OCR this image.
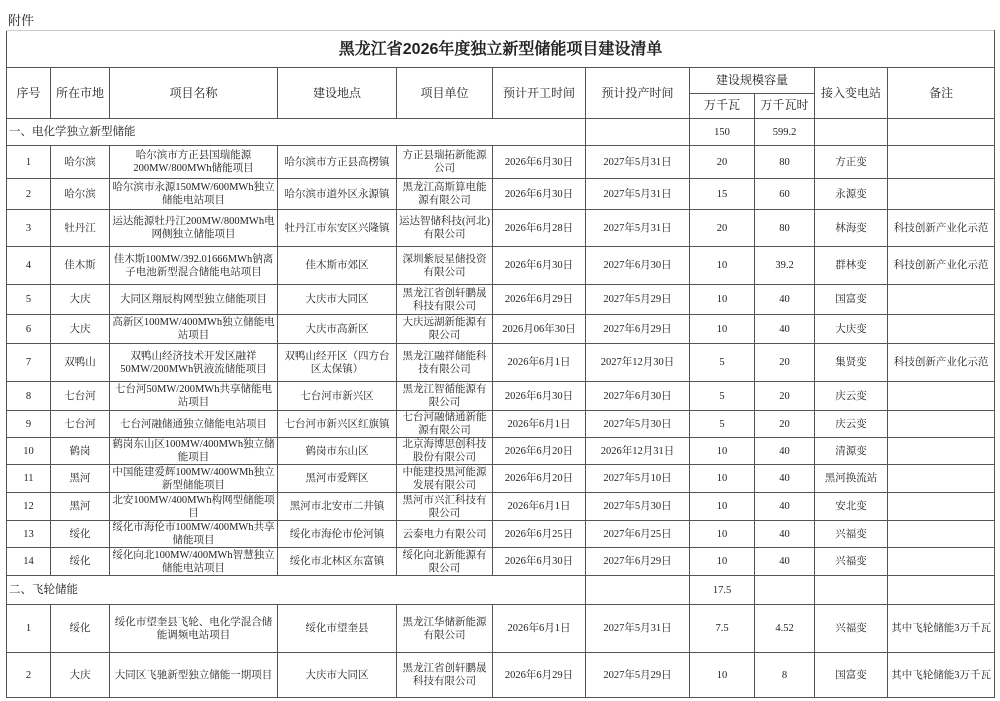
附件
黑龙江省2026年度独立新型储能项目建设清单										
序号	所在市地	项目名称	建设地点	项目单位	预计开工时间	预计投产时间	建设规模容量		接入变电站	备注
							万千瓦	万千瓦时		
一、电化学独立新型储能							150	599.2		
1	哈尔滨	哈尔滨市方正县国瑞能源200MW/800MWh储能项目	哈尔滨市方正县高楞镇	方正县瑞拓新能源公司	2026年6月30日	2027年5月31日	20	80	方正变	
2	哈尔滨	哈尔滨市永源150MW/600MWh独立储能电站项目	哈尔滨市道外区永源镇	黑龙江高斯算电能源有限公司	2026年6月30日	2027年5月31日	15	60	永源变	
3	牡丹江	运达能源牡丹江200MW/800MWh电网侧独立储能项目	牡丹江市东安区兴隆镇	运达智储科技(河北)有限公司	2026年6月28日	2027年5月31日	20	80	林海变	科技创新产业化示范
4	佳木斯	佳木斯100MW/392.01666MWh钠离子电池新型混合储能电站项目	佳木斯市郊区	深圳紫辰星储投资有限公司	2026年6月30日	2027年6月30日	10	39.2	群林变	科技创新产业化示范
5	大庆	大同区翔辰构网型独立储能项目	大庆市大同区	黑龙江省创轩鹏晟科技有限公司	2026年6月29日	2027年5月29日	10	40	国富变	
6	大庆	高新区100MW/400MWh独立储能电站项目	大庆市高新区	大庆远湖新能源有限公司	2026月06年30日	2027年6月29日	10	40	大庆变	
7	双鸭山	双鸭山经济技术开发区融祥50MW/200MWh钒液流储能项目	双鸭山经开区（四方台区太保镇）	黑龙江融祥储能科技有限公司	2026年6月1日	2027年12月30日	5	20	集贤变	科技创新产业化示范
8	七台河	七台河50MW/200MWh共享储能电站项目	七台河市新兴区	黑龙江智循能源有限公司	2026年6月30日	2027年6月30日	5	20	庆云变	
9	七台河	七台河融储通独立储能电站项目	七台河市新兴区红旗镇	七台河融储通新能源有限公司	2026年6月1日	2027年5月30日	5	20	庆云变	
10	鹤岗	鹤岗东山区100MW/400MWh独立储能项目	鹤岗市东山区	北京海博思创科技股份有限公司	2026年6月20日	2026年12月31日	10	40	清源变	
11	黑河	中国能建爱辉100MW/400WMh独立新型储能项目	黑河市爱辉区	中能建投黑河能源发展有限公司	2026年6月20日	2027年5月10日	10	40	黑河换流站	
12	黑河	北安100MW/400MWh构网型储能项目	黑河市北安市二井镇	黑河市兴汇科技有限公司	2026年6月1日	2027年5月30日	10	40	安北变	
13	绥化	绥化市海伦市100MW/400MWh共享储能项目	绥化市海伦市伦河镇	云泰电力有限公司	2026年6月25日	2027年6月25日	10	40	兴福变	
14	绥化	绥化向北100MW/400MWh智慧独立储能电站项目	绥化市北林区东富镇	绥化向北新能源有限公司	2026年6月30日	2027年6月29日	10	40	兴福变	
二、飞轮储能							17.5			
1	绥化	绥化市望奎县飞轮、电化学混合储能调频电站项目	绥化市望奎县	黑龙江华储新能源有限公司	2026年6月1日	2027年5月31日	7.5	4.52	兴福变	其中飞轮储能3万千瓦
2	大庆	大同区飞驰新型独立储能一期项目	大庆市大同区	黑龙江省创轩鹏晟科技有限公司	2026年6月29日	2027年5月29日	10	8	国富变	其中飞轮储能3万千瓦
